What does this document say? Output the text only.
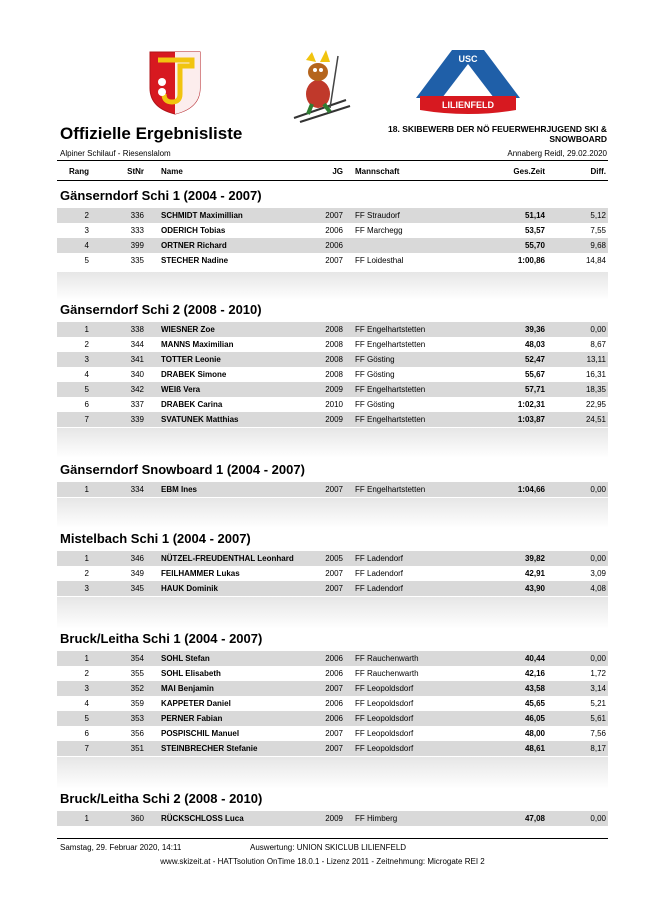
USC
LILIENFELD
Offizielle Ergebnisliste	18. SKIBEWERB DER NÖ FEUERWEHRJUGEND SKI &
SNOWBOARD
Alpiner Schilauf - Riesenslalom	Annaberg Reidl, 29.02.2020
Rang	StNr Name	JG Mannschaft	Ges.Zeit	Diff.
Gänserndorf Schi 1 (2004 - 2007)
2	336 SCHMIDT Maximillian	2007 FF Straudorf	51,14	5,12
3	333 ODERICH Tobias	2006 FF Marchegg	53,57	7,55
4	399 ORTNER Richard	2006	55,70	9,68
5	335 STECHER Nadine	2007 FF Loidesthal	1:00,86	14,84
Gänserndorf Schi 2 (2008 - 2010)
1	338 WIESNER Zoe	2008 FF Engelhartstetten	39,36	0,00
2	344 MANNS Maximilian	2008 FF Engelhartstetten	48,03	8,67
3	341 TOTTER Leonie	2008 FF Gösting	52,47	13,11
4	340 DRABEK Simone	2008 FF Gösting	55,67	16,31
5	342 WEIß Vera	2009 FF Engelhartstetten	57,71	18,35
6	337 DRABEK Carina	2010 FF Gösting	1:02,31	22,95
7	339 SVATUNEK Matthias	2009 FF Engelhartstetten	1:03,87	24,51
Gänserndorf Snowboard 1 (2004 - 2007)
1	334 EBM Ines	2007 FF Engelhartstetten	1:04,66	0,00
Mistelbach Schi 1 (2004 - 2007)
1	346 NÜTZEL-FREUDENTHAL Leonhard	2005 FF Ladendorf	39,82	0,00
2	349 FEILHAMMER Lukas	2007 FF Ladendorf	42,91	3,09
3	345 HAUK Dominik	2007 FF Ladendorf	43,90	4,08
Bruck/Leitha Schi 1 (2004 - 2007)
1	354 SOHL Stefan	2006 FF Rauchenwarth	40,44	0,00
2	355 SOHL Elisabeth	2006 FF Rauchenwarth	42,16	1,72
3	352 MAI Benjamin	2007 FF Leopoldsdorf	43,58	3,14
4	359 KAPPETER Daniel	2006 FF Leopoldsdorf	45,65	5,21
5	353 PERNER Fabian	2006 FF Leopoldsdorf	46,05	5,61
6	356 POSPISCHIL Manuel	2007 FF Leopoldsdorf	48,00	7,56
7	351 STEINBRECHER Stefanie	2007 FF Leopoldsdorf	48,61	8,17
Bruck/Leitha Schi 2 (2008 - 2010)
1	360 RÜCKSCHLOSS Luca	2009 FF Himberg	47,08	0,00
Samstag, 29. Februar 2020, 14:11	Auswertung: UNION SKICLUB LILIENFELD
www.skizeit.at - HATTsolution OnTime 18.0.1 - Lizenz 2011 - Zeitnehmung: Microgate REI 2
